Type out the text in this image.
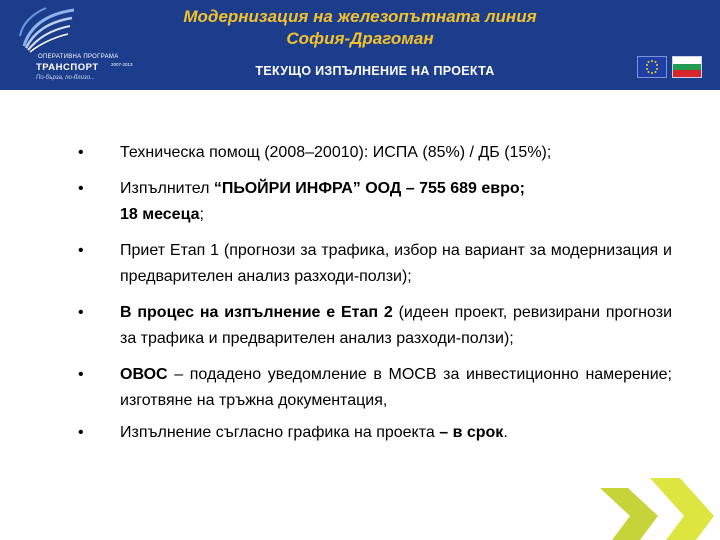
ОПЕРАТИВНА ПРОГРАМА
ТРАНСПОРТ	2007-2013
По-бърза, по-близо...
Модернизация на железопътната линия
София-Драгоман
ТЕКУЩО ИЗПЪЛНЕНИЕ НА ПРОЕКТА
• Техническа помощ (2008–20010): ИСПА (85%) / ДБ (15%);
• Изпълнител “ПЬОЙРИ ИНФРА” ООД – 755 689 евро;
18 месеца;
• Приет Етап 1 (прогнози за трафика, избор на вариант за модернизация и предварителен анализ разходи-ползи);
• В процес на изпълнение е Етап 2 (идеен проект, ревизирани прогнози за трафика и предварителен анализ разходи-ползи);
• ОВОС – подадено уведомление в МОСВ за инвестиционно намерение; изготвяне на тръжна документация,
• Изпълнение съгласно графика на проекта – в срок.
